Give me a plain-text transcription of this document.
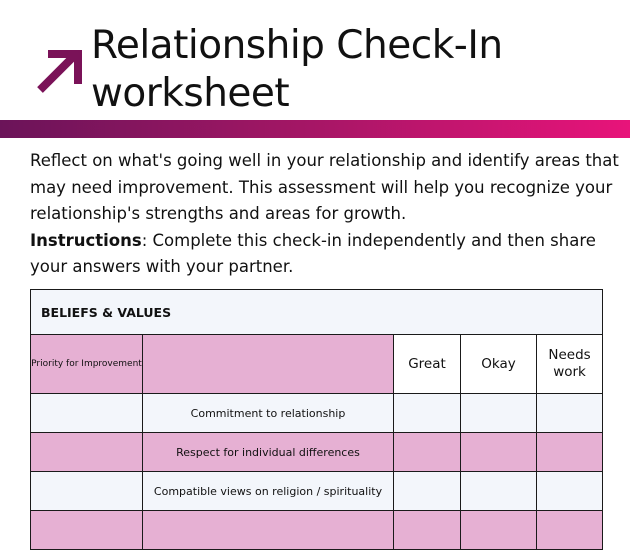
Relationship Check-In
worksheet

Reflect on what's going well in your relationship and identify areas that may need improvement. This assessment will help you recognize your relationship's strengths and areas for growth.
Instructions: Complete this check-in independently and then share your answers with your partner.

BELIEFS & VALUES				
Priority for Improvement		Great	Okay	Needs work
	Commitment to relationship			
	Respect for individual differences			
	Compatible views on religion / spirituality			
